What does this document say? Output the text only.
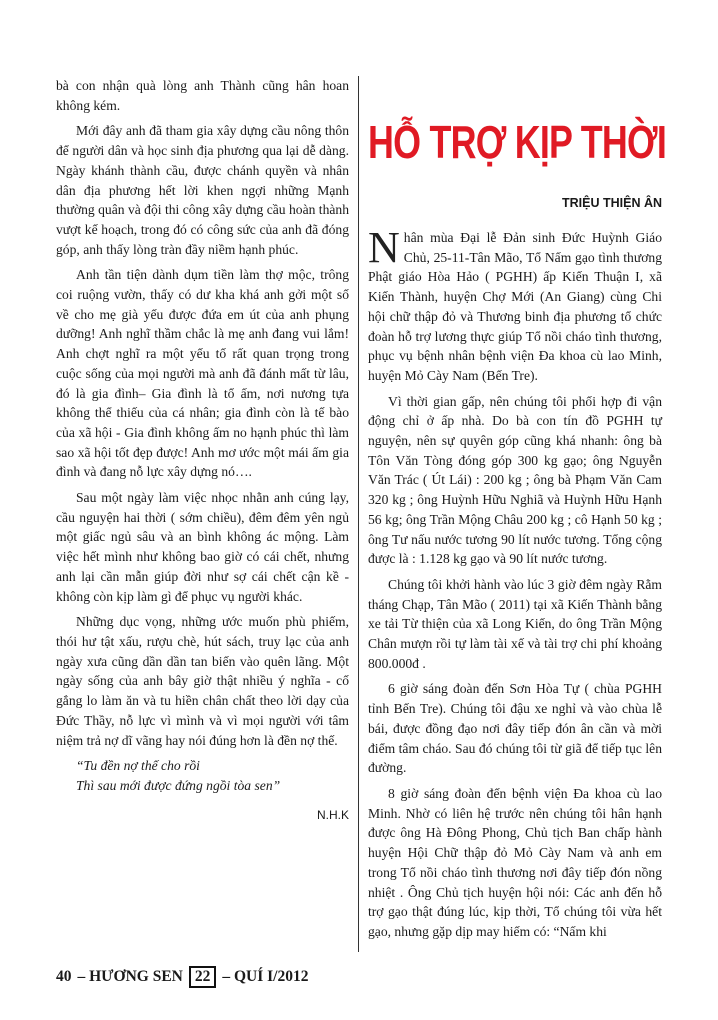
bà con nhận quà lòng anh Thành cũng hân hoan không kém.

Mới đây anh đã tham gia xây dựng cầu nông thôn để người dân và học sinh địa phương qua lại dễ dàng. Ngày khánh thành cầu, được chánh quyền và nhân dân địa phương hết lời khen ngợi những Mạnh thường quân và đội thi công xây dựng cầu hoàn thành vượt kế hoạch, trong đó có công sức của anh đã đóng góp, anh thấy lòng tràn đầy niềm hạnh phúc.

Anh tần tiện dành dụm tiền làm thợ mộc, trông coi ruộng vườn, thấy có dư kha khá anh gởi một số về cho mẹ già yếu được đứa em út của anh phụng dưỡng! Anh nghĩ thầm chắc là mẹ anh đang vui lắm! Anh chợt nghĩ ra một yếu tố rất quan trọng trong cuộc sống của mọi người mà anh đã đánh mất từ lâu, đó là gia đình– Gia đình là tổ ấm, nơi nương tựa không thể thiếu của cá nhân; gia đình còn là tế bào của xã hội - Gia đình không ấm no hạnh phúc thì làm sao xã hội tốt đẹp được! Anh mơ ước một mái ấm gia đình và đang nỗ lực xây dựng nó….

Sau một ngày làm việc nhọc nhằn anh cúng lạy, cầu nguyện hai thời ( sớm chiều), đêm đêm yên ngủ một giấc ngủ sâu và an bình không ác mộng. Làm việc hết mình như không bao giờ có cái chết, nhưng anh lại cần mẫn giúp đời như sợ cái chết cận kề - không còn kịp làm gì để phục vụ người khác.

Những dục vọng, những ước muốn phù phiếm, thói hư tật xấu, rượu chè, hút sách, truy lạc của anh ngày xưa cũng dần dần tan biến vào quên lãng. Một ngày sống của anh bây giờ thật nhiều ý nghĩa - cố gắng lo làm ăn và tu hiền chân chất theo lời dạy của Đức Thầy, nỗ lực vì mình và vì mọi người với tâm niệm trả nợ dĩ vãng hay nói đúng hơn là đền nợ thế.

“Tu đền nợ thế cho rồi
Thì sau mới được đứng ngồi tòa sen”
N.H.K
HỖ TRỢ KỊP THỜI
TRIỆU THIỆN ÂN

Nhân mùa Đại lễ Đản sinh Đức Huỳnh Giáo Chủ, 25-11-Tân Mão, Tổ Nấm gạo tình thương Phật giáo Hòa Hảo ( PGHH) ấp Kiến Thuận I, xã Kiến Thành, huyện Chợ Mới (An Giang) cùng Chi hội chữ thập đỏ và Thương binh địa phương tổ chức đoàn hỗ trợ lương thực giúp Tổ nồi cháo tình thương, phục vụ bệnh nhân bệnh viện Đa khoa cù lao Minh, huyện Mỏ Cày Nam (Bến Tre).

Vì thời gian gấp, nên chúng tôi phối hợp đi vận động chỉ ở ấp nhà. Do bà con tín đồ PGHH tự nguyện, nên sự quyên góp cũng khá nhanh: ông bà Tôn Văn Tòng đóng góp 300 kg gạo; ông Nguyễn Văn Trác ( Út Lái) : 200 kg ; ông bà Phạm Văn Cam 320 kg ; ông Huỳnh Hữu Nghiã và Huỳnh Hữu Hạnh 56 kg; ông Trần Mộng Châu 200 kg ; cô Hạnh 50 kg ; ông Tư nấu nước tương 90 lít nước tương. Tổng cộng được là : 1.128 kg gạo và 90 lít nước tương.

Chúng tôi khởi hành vào lúc 3 giờ đêm ngày Rằm tháng Chạp, Tân Mão ( 2011) tại xã Kiến Thành bằng xe tải Từ thiện của xã Long Kiến, do ông Trần Mộng Chân mượn rồi tự làm tài xế và tài trợ chi phí khoảng 800.000đ .

6 giờ sáng đoàn đến Sơn Hòa Tự ( chùa PGHH tỉnh Bến Tre). Chúng tôi đậu xe nghỉ và vào chùa lễ bái, được đồng đạo nơi đây tiếp đón ân cần và mời điểm tâm cháo. Sau đó chúng tôi từ giã để tiếp tục lên đường.

8 giờ sáng đoàn đến bệnh viện Đa khoa cù lao Minh. Nhờ có liên hệ trước nên chúng tôi hân hạnh được ông Hà Đông Phong, Chủ tịch Ban chấp hành huyện Hội Chữ thập đỏ Mỏ Cày Nam và anh em trong Tổ nồi cháo tình thương nơi đây tiếp đón nồng nhiệt . Ông Chủ tịch huyện hội nói: Các anh đến hỗ trợ gạo thật đúng lúc, kịp thời, Tổ chúng tôi vừa hết gạo, nhưng gặp dịp may hiếm có: “Nấm khi

40 – HƯƠNG SEN 22 – QUÍ I/2012
